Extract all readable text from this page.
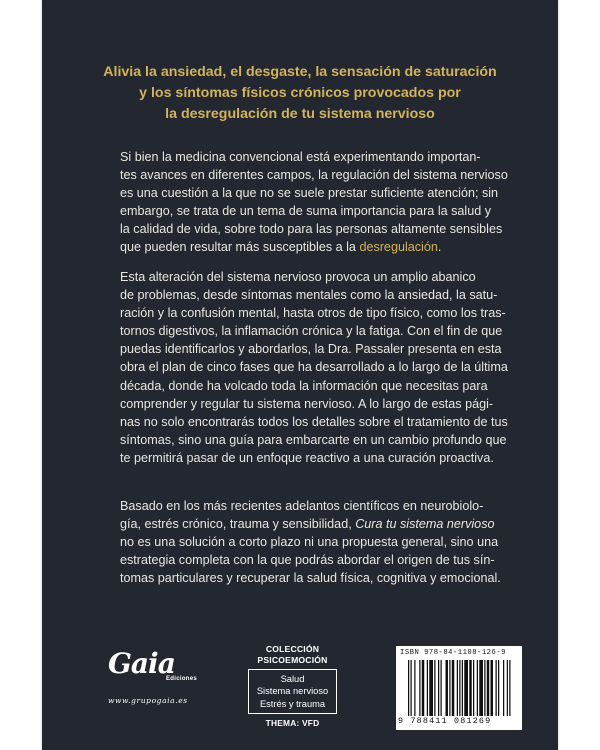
Alivia la ansiedad, el desgaste, la sensación de saturación
y los síntomas físicos crónicos provocados por
la desregulación de tu sistema nervioso
Si bien la medicina convencional está experimentando importan-
tes avances en diferentes campos, la regulación del sistema nervioso
es una cuestión a la que no se suele prestar suficiente atención; sin
embargo, se trata de un tema de suma importancia para la salud y
la calidad de vida, sobre todo para las personas altamente sensibles
que pueden resultar más susceptibles a la desregulación.
Esta alteración del sistema nervioso provoca un amplio abanico
de problemas, desde síntomas mentales como la ansiedad, la satu-
ración y la confusión mental, hasta otros de tipo físico, como los tras-
tornos digestivos, la inflamación crónica y la fatiga. Con el fin de que
puedas identificarlos y abordarlos, la Dra. Passaler presenta en esta
obra el plan de cinco fases que ha desarrollado a lo largo de la última
década, donde ha volcado toda la información que necesitas para
comprender y regular tu sistema nervioso. A lo largo de estas pági-
nas no solo encontrarás todos los detalles sobre el tratamiento de tus
síntomas, sino una guía para embarcarte en un cambio profundo que
te permitirá pasar de un enfoque reactivo a una curación proactiva.
Basado en los más recientes adelantos científicos en neurobiolo-
gía, estrés crónico, trauma y sensibilidad, Cura tu sistema nervioso
no es una solución a corto plazo ni una propuesta general, sino una
estrategia completa con la que podrás abordar el origen de tus sín-
tomas particulares y recuperar la salud física, cognitiva y emocional.
Gaia
Ediciones
www.grupogaia.es
COLECCIÓN
PSICOEMOCIÓN
Salud
Sistema nervioso
Estrés y trauma
THEMA: VFD
ISBN 978-84-1108-126-9
9 788411 081269
